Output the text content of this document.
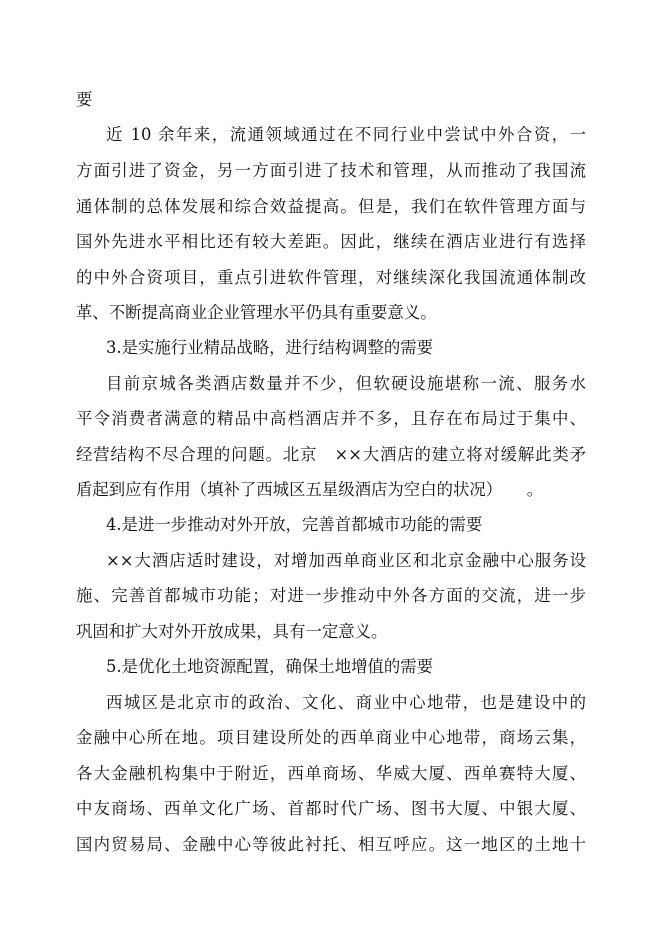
要
近 10 余年来，流通领域通过在不同行业中尝试中外合资，一
方面引进了资金，另一方面引进了技术和管理，从而推动了我国流
通体制的总体发展和综合效益提高。但是，我们在软件管理方面与
国外先进水平相比还有较大差距。因此，继续在酒店业进行有选择
的中外合资项目，重点引进软件管理，对继续深化我国流通体制改
革、不断提高商业企业管理水平仍具有重要意义。
3.是实施行业精品战略，进行结构调整的需要
目前京城各类酒店数量并不少，但软硬设施堪称一流、服务水
平令消费者满意的精品中高档酒店并不多，且存在布局过于集中、
经营结构不尽合理的问题。北京　××大酒店的建立将对缓解此类矛
盾起到应有作用（填补了西城区五星级酒店为空白的状况）　　。
4.是进一步推动对外开放，完善首都城市功能的需要
××大酒店适时建设，对增加西单商业区和北京金融中心服务设
施、完善首都城市功能；对进一步推动中外各方面的交流，进一步
巩固和扩大对外开放成果，具有一定意义。
5.是优化土地资源配置，确保土地增值的需要
西城区是北京市的政治、文化、商业中心地带，也是建设中的
金融中心所在地。项目建设所处的西单商业中心地带，商场云集，
各大金融机构集中于附近，西单商场、华威大厦、西单赛特大厦、
中友商场、西单文化广场、首都时代广场、图书大厦、中银大厦、
国内贸易局、金融中心等彼此衬托、相互呼应。这一地区的土地十
